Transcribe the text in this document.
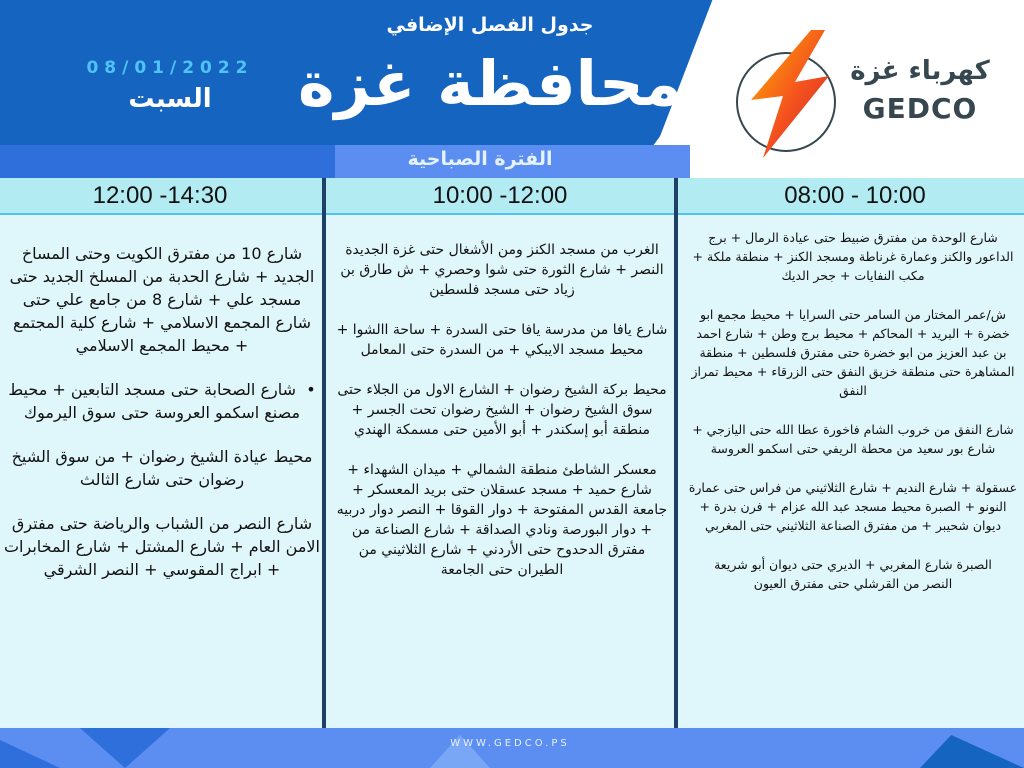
جدول الفصل الإضافي
محافظة غزة
08/01/2022
السبت
كهرباء غزة
GEDCO
الفترة الصباحية
08:00 - 10:00
10:00 -12:00
12:00 -14:30

شارع الوحدة من مفترق ضبيط حتى عيادة الرمال + برج الداعور والكنز وعمارة غرناطة ومسجد الكنز + منطقة ملكة + مكب النفايات + جحر الديك

ش/عمر المختار من السامر حتى السرايا + محيط مجمع ابو خضرة + البريد + المحاكم + محيط برج وطن + شارع احمد بن عبد العزيز من ابو خضرة حتى مفترق فلسطين + منطقة المشاهرة حتى منطقة خزيق النفق حتى الزرقاء + محيط تمراز النفق

شارع النفق من خروب الشام فاخورة عطا الله حتى اليازجي + شارع بور سعيد من محطة الريفي حتى اسكمو العروسة

عسقولة + شارع النديم + شارع الثلاثيني من فراس حتى عمارة النونو + الصبرة محيط مسجد عبد الله عزام + فرن بدرة + ديوان شحيبر + من مفترق الصناعة الثلاثيني حتى المغربي

الصبرة شارع المغربي + الديري حتى ديوان أبو شريعة

النصر من القرشلي حتى مفترق العيون

الغرب من مسجد الكنز ومن الأشغال حتى غزة الجديدة النصر + شارع الثورة حتى شوا وحصري + ش طارق بن زياد حتى مسجد فلسطين

شارع يافا من مدرسة يافا حتى السدرة + ساحة االشوا + محيط مسجد الايبكي + من السدرة حتى المعامل

محيط بركة الشيخ رضوان + الشارع الاول من الجلاء حتى سوق الشيخ رضوان + الشيخ رضوان تحت الجسر + منطقة أبو إسكندر + أبو الأمين حتى مسمكة الهندي

معسكر الشاطئ منطقة الشمالي + ميدان الشهداء + شارع حميد + مسجد عسقلان حتى بريد المعسكر + جامعة القدس المفتوحة + دوار القوقا + النصر دوار دربيه + دوار البورصة ونادي الصداقة + شارع الصناعة من مفترق الدحدوح حتى الأردني + شارع الثلاثيني من الطيران حتى الجامعة

شارع 10 من مفترق الكويت وحتى المساخ الجديد + شارع الحدبة من المسلخ الجديد حتى مسجد علي + شارع 8 من جامع علي حتى شارع المجمع الاسلامي + شارع كلية المجتمع + محيط المجمع الاسلامي

•  شارع الصحابة حتى مسجد التابعين + محيط مصنع اسكمو العروسة حتى سوق اليرموك

محيط عيادة الشيخ رضوان + من سوق الشيخ رضوان حتى شارع الثالث

شارع النصر من الشباب والرياضة حتى مفترق الامن العام + شارع المشتل + شارع المخابرات + ابراج المقوسي + النصر الشرقي

WWW.GEDCO.PS
